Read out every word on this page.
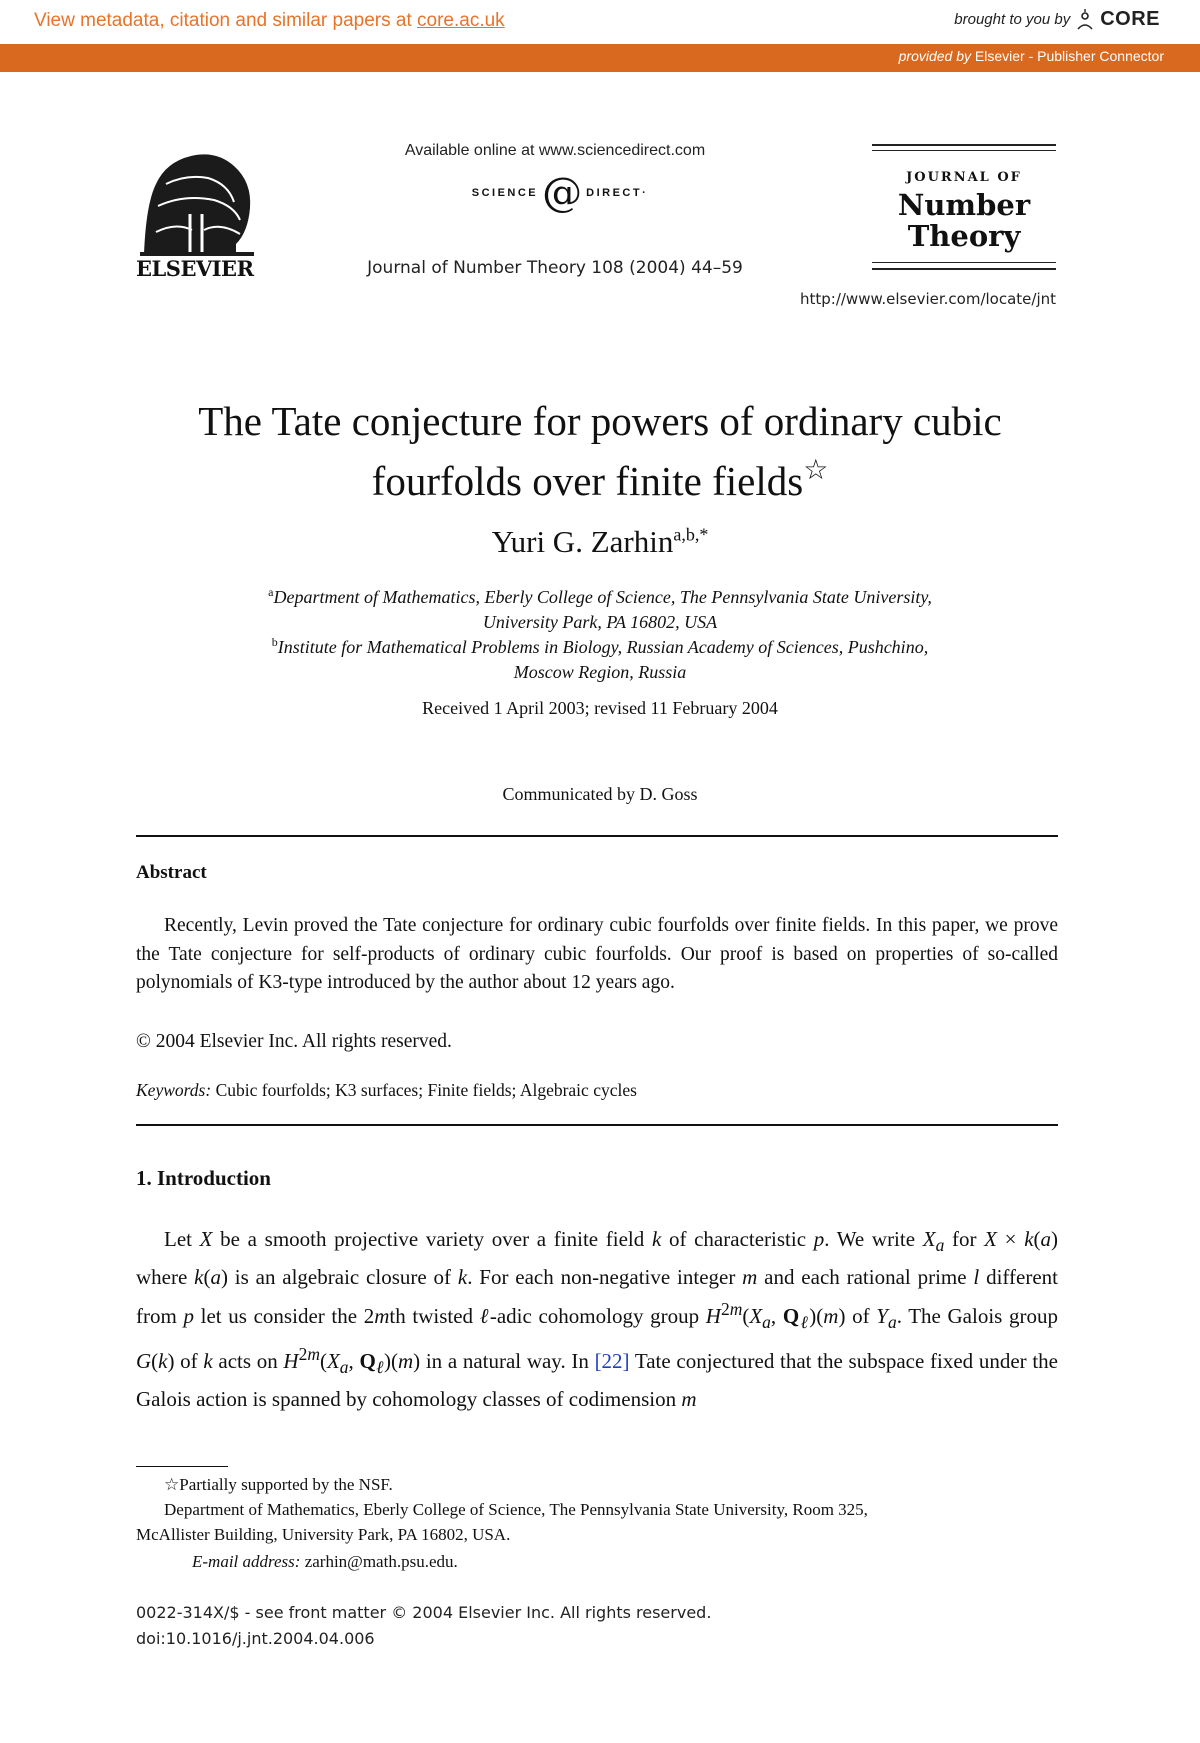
View metadata, citation and similar papers at core.ac.uk	brought to you by CORE
provided by Elsevier - Publisher Connector
ELSEVIER
Available online at www.sciencedirect.com
SCIENCE @ DIRECT·
Journal of Number Theory 108 (2004) 44–59
JOURNAL OF
Number
Theory
http://www.elsevier.com/locate/jnt
The Tate conjecture for powers of ordinary cubic
fourfolds over finite fields☆
Yuri G. Zarhin$^{a,b,*}$
$^a$Department of Mathematics, Eberly College of Science, The Pennsylvania State University,
University Park, PA 16802, USA
$^b$Institute for Mathematical Problems in Biology, Russian Academy of Sciences, Pushchino,
Moscow Region, Russia
Received 1 April 2003; revised 11 February 2004
Communicated by D. Goss
Abstract
Recently, Levin proved the Tate conjecture for ordinary cubic fourfolds over finite fields. In this paper, we prove the Tate conjecture for self-products of ordinary cubic fourfolds. Our proof is based on properties of so-called polynomials of K3-type introduced by the author about 12 years ago.
© 2004 Elsevier Inc. All rights reserved.
Keywords: Cubic fourfolds; K3 surfaces; Finite fields; Algebraic cycles
1. Introduction
Let X be a smooth projective variety over a finite field k of characteristic p. We write $X_a$ for X × k(a) where k(a) is an algebraic closure of k. For each non-negative integer m and each rational prime l different from p let us consider the 2mth twisted ℓ-adic cohomology group $H^{2m}(X_a$, $Q_\ell)(m)$ of $Y_a$. The Galois group G(k) of k acts on $H^{2m}(X_a$, $Q_\ell)(m)$ in a natural way. In [22] Tate conjectured that the subspace fixed under the Galois action is spanned by cohomology classes of codimension m
☆Partially supported by the NSF.
Department of Mathematics, Eberly College of Science, The Pennsylvania State University, Room 325,
McAllister Building, University Park, PA 16802, USA.
E-mail address: zarhin@math.psu.edu.
0022-314X/$ - see front matter © 2004 Elsevier Inc. All rights reserved.
doi:10.1016/j.jnt.2004.04.006
